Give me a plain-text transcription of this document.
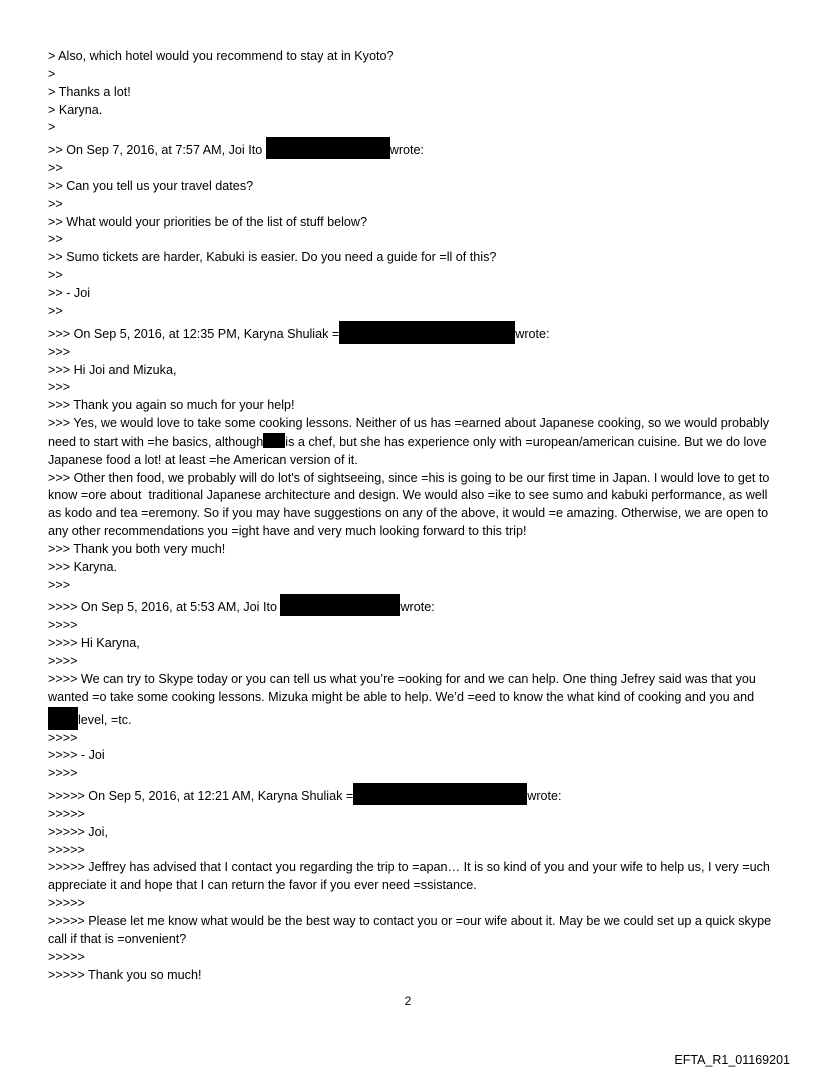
> Also, which hotel would you recommend to stay at in Kyoto?
>
> Thanks a lot!
> Karyna.
>
>> On Sep 7, 2016, at 7:57 AM, Joi Ito	wrote:
>>
>> Can you tell us your travel dates?
>>
>> What would your priorities be of the list of stuff below?
>>
>> Sumo tickets are harder, Kabuki is easier. Do you need a guide for =ll of this?
>>
>> - Joi
>>
>>> On Sep 5, 2016, at 12:35 PM, Karyna Shuliak =	wrote:
>>>
>>> Hi Joi and Mizuka,
>>>
>>> Thank you again so much for your help!
>>> Yes, we would love to take some cooking lessons. Neither of us has =earned about Japanese cooking, so we would probably need to start with =he basics, although is a chef, but she has experience only with =uropean/american cuisine. But we do love Japanese food a lot! at least =he American version of it.
>>> Other then food, we probably will do lot's of sightseeing, since =his is going to be our first time in Japan. I would love to get to know =ore about  traditional Japanese architecture and design. We would also =ike to see sumo and kabuki performance, as well as kodo and tea =eremony. So if you may have suggestions on any of the above, it would =e amazing. Otherwise, we are open to any other recommendations you =ight have and very much looking forward to this trip!
>>> Thank you both very much!
>>> Karyna.
>>>
>>>> On Sep 5, 2016, at 5:53 AM, Joi Ito	wrote:
>>>>
>>>> Hi Karyna,
>>>>
>>>> We can try to Skype today or you can tell us what you’re =ooking for and we can help. One thing Jefrey said was that you wanted =o take some cooking lessons. Mizuka might be able to help. We’d =eed to know the what kind of cooking and you andlevel, =tc.
>>>>
>>>> - Joi
>>>>
>>>>> On Sep 5, 2016, at 12:21 AM, Karyna Shuliak =	wrote:
>>>>>
>>>>> Joi,
>>>>>
>>>>> Jeffrey has advised that I contact you regarding the trip to =apan… It is so kind of you and your wife to help us, I very =uch appreciate it and hope that I can return the favor if you ever need =ssistance.
>>>>>
>>>>> Please let me know what would be the best way to contact you or =our wife about it. May be we could set up a quick skype call if that is =onvenient?
>>>>>
>>>>> Thank you so much!
2
EFTA_R1_01169201
